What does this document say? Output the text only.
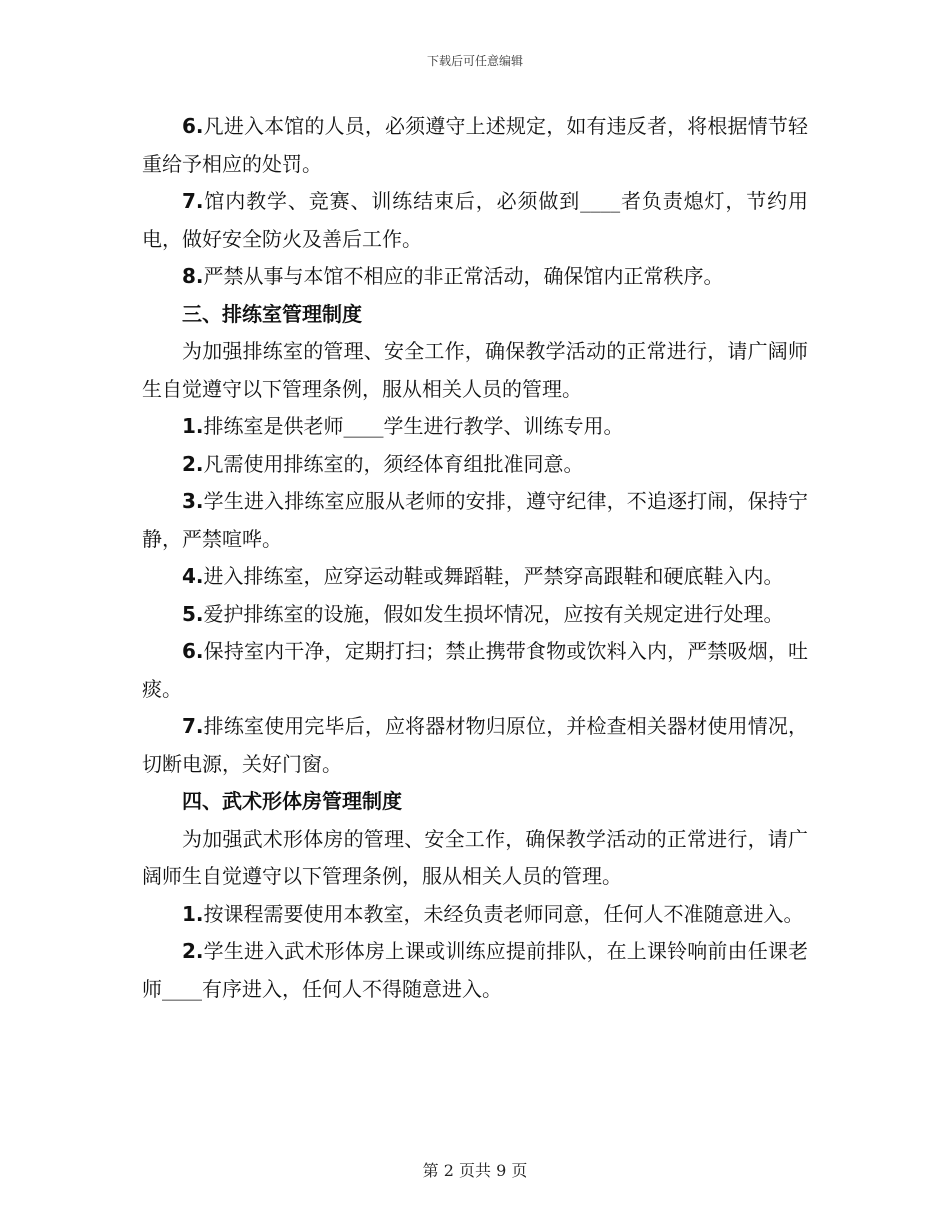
下载后可任意编辑

6.凡进入本馆的人员，必须遵守上述规定，如有违反者，将根据情节轻重给予相应的处罚。

7.馆内教学、竞赛、训练结束后，必须做到____者负责熄灯，节约用电，做好安全防火及善后工作。

8.严禁从事与本馆不相应的非正常活动，确保馆内正常秩序。

三、排练室管理制度

为加强排练室的管理、安全工作，确保教学活动的正常进行，请广阔师生自觉遵守以下管理条例，服从相关人员的管理。

1.排练室是供老师____学生进行教学、训练专用。

2.凡需使用排练室的，须经体育组批准同意。

3.学生进入排练室应服从老师的安排，遵守纪律，不追逐打闹，保持宁静，严禁喧哗。

4.进入排练室，应穿运动鞋或舞蹈鞋，严禁穿高跟鞋和硬底鞋入内。

5.爱护排练室的设施，假如发生损坏情况，应按有关规定进行处理。

6.保持室内干净，定期打扫；禁止携带食物或饮料入内，严禁吸烟，吐痰。

7.排练室使用完毕后，应将器材物归原位，并检查相关器材使用情况，切断电源，关好门窗。

四、武术形体房管理制度

为加强武术形体房的管理、安全工作，确保教学活动的正常进行，请广阔师生自觉遵守以下管理条例，服从相关人员的管理。

1.按课程需要使用本教室，未经负责老师同意，任何人不准随意进入。

2.学生进入武术形体房上课或训练应提前排队，在上课铃响前由任课老师____有序进入，任何人不得随意进入。

第 2 页共 9 页
